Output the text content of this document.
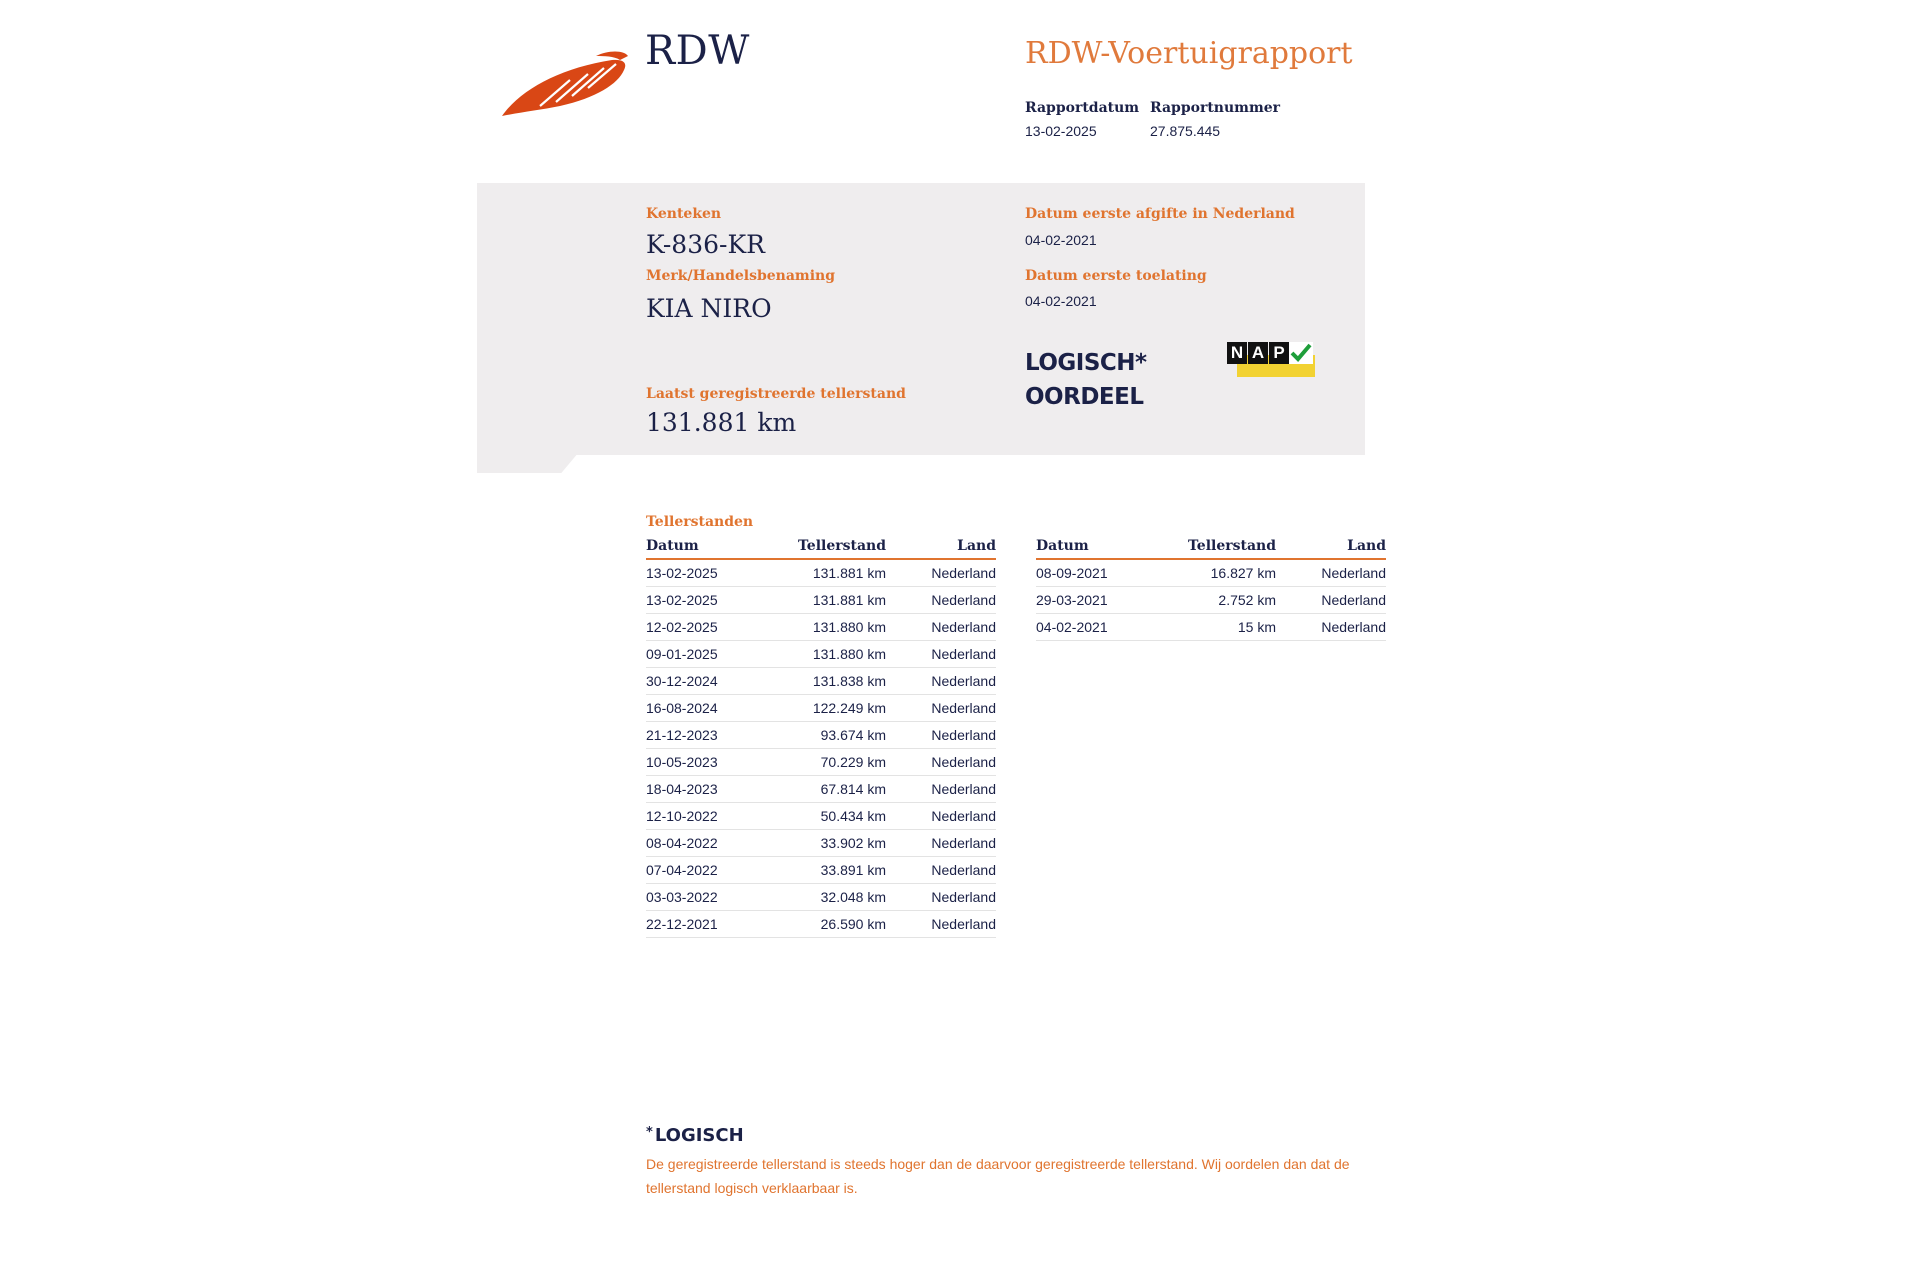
RDW	RDW-Voertuigrapport
Rapportdatum
13-02-2025
Rapportnummer
27.875.445
Kenteken
K-836-KR
Merk/Handelsbenaming
KIA NIRO
Laatst geregistreerde tellerstand
131.881 km
Datum eerste afgifte in Nederland
04-02-2021
Datum eerste toelating
04-02-2021
LOGISCH*
OORDEEL
N A P
Tellerstanden
Datum	Tellerstand	Land
13-02-2025	131.881 km	Nederland
13-02-2025	131.881 km	Nederland
12-02-2025	131.880 km	Nederland
09-01-2025	131.880 km	Nederland
30-12-2024	131.838 km	Nederland
16-08-2024	122.249 km	Nederland
21-12-2023	93.674 km	Nederland
10-05-2023	70.229 km	Nederland
18-04-2023	67.814 km	Nederland
12-10-2022	50.434 km	Nederland
08-04-2022	33.902 km	Nederland
07-04-2022	33.891 km	Nederland
03-03-2022	32.048 km	Nederland
22-12-2021	26.590 km	Nederland
Datum	Tellerstand	Land
08-09-2021	16.827 km	Nederland
29-03-2021	2.752 km	Nederland
04-02-2021	15 km	Nederland
* LOGISCH
De geregistreerde tellerstand is steeds hoger dan de daarvoor geregistreerde tellerstand. Wij oordelen dan dat de tellerstand logisch verklaarbaar is.
